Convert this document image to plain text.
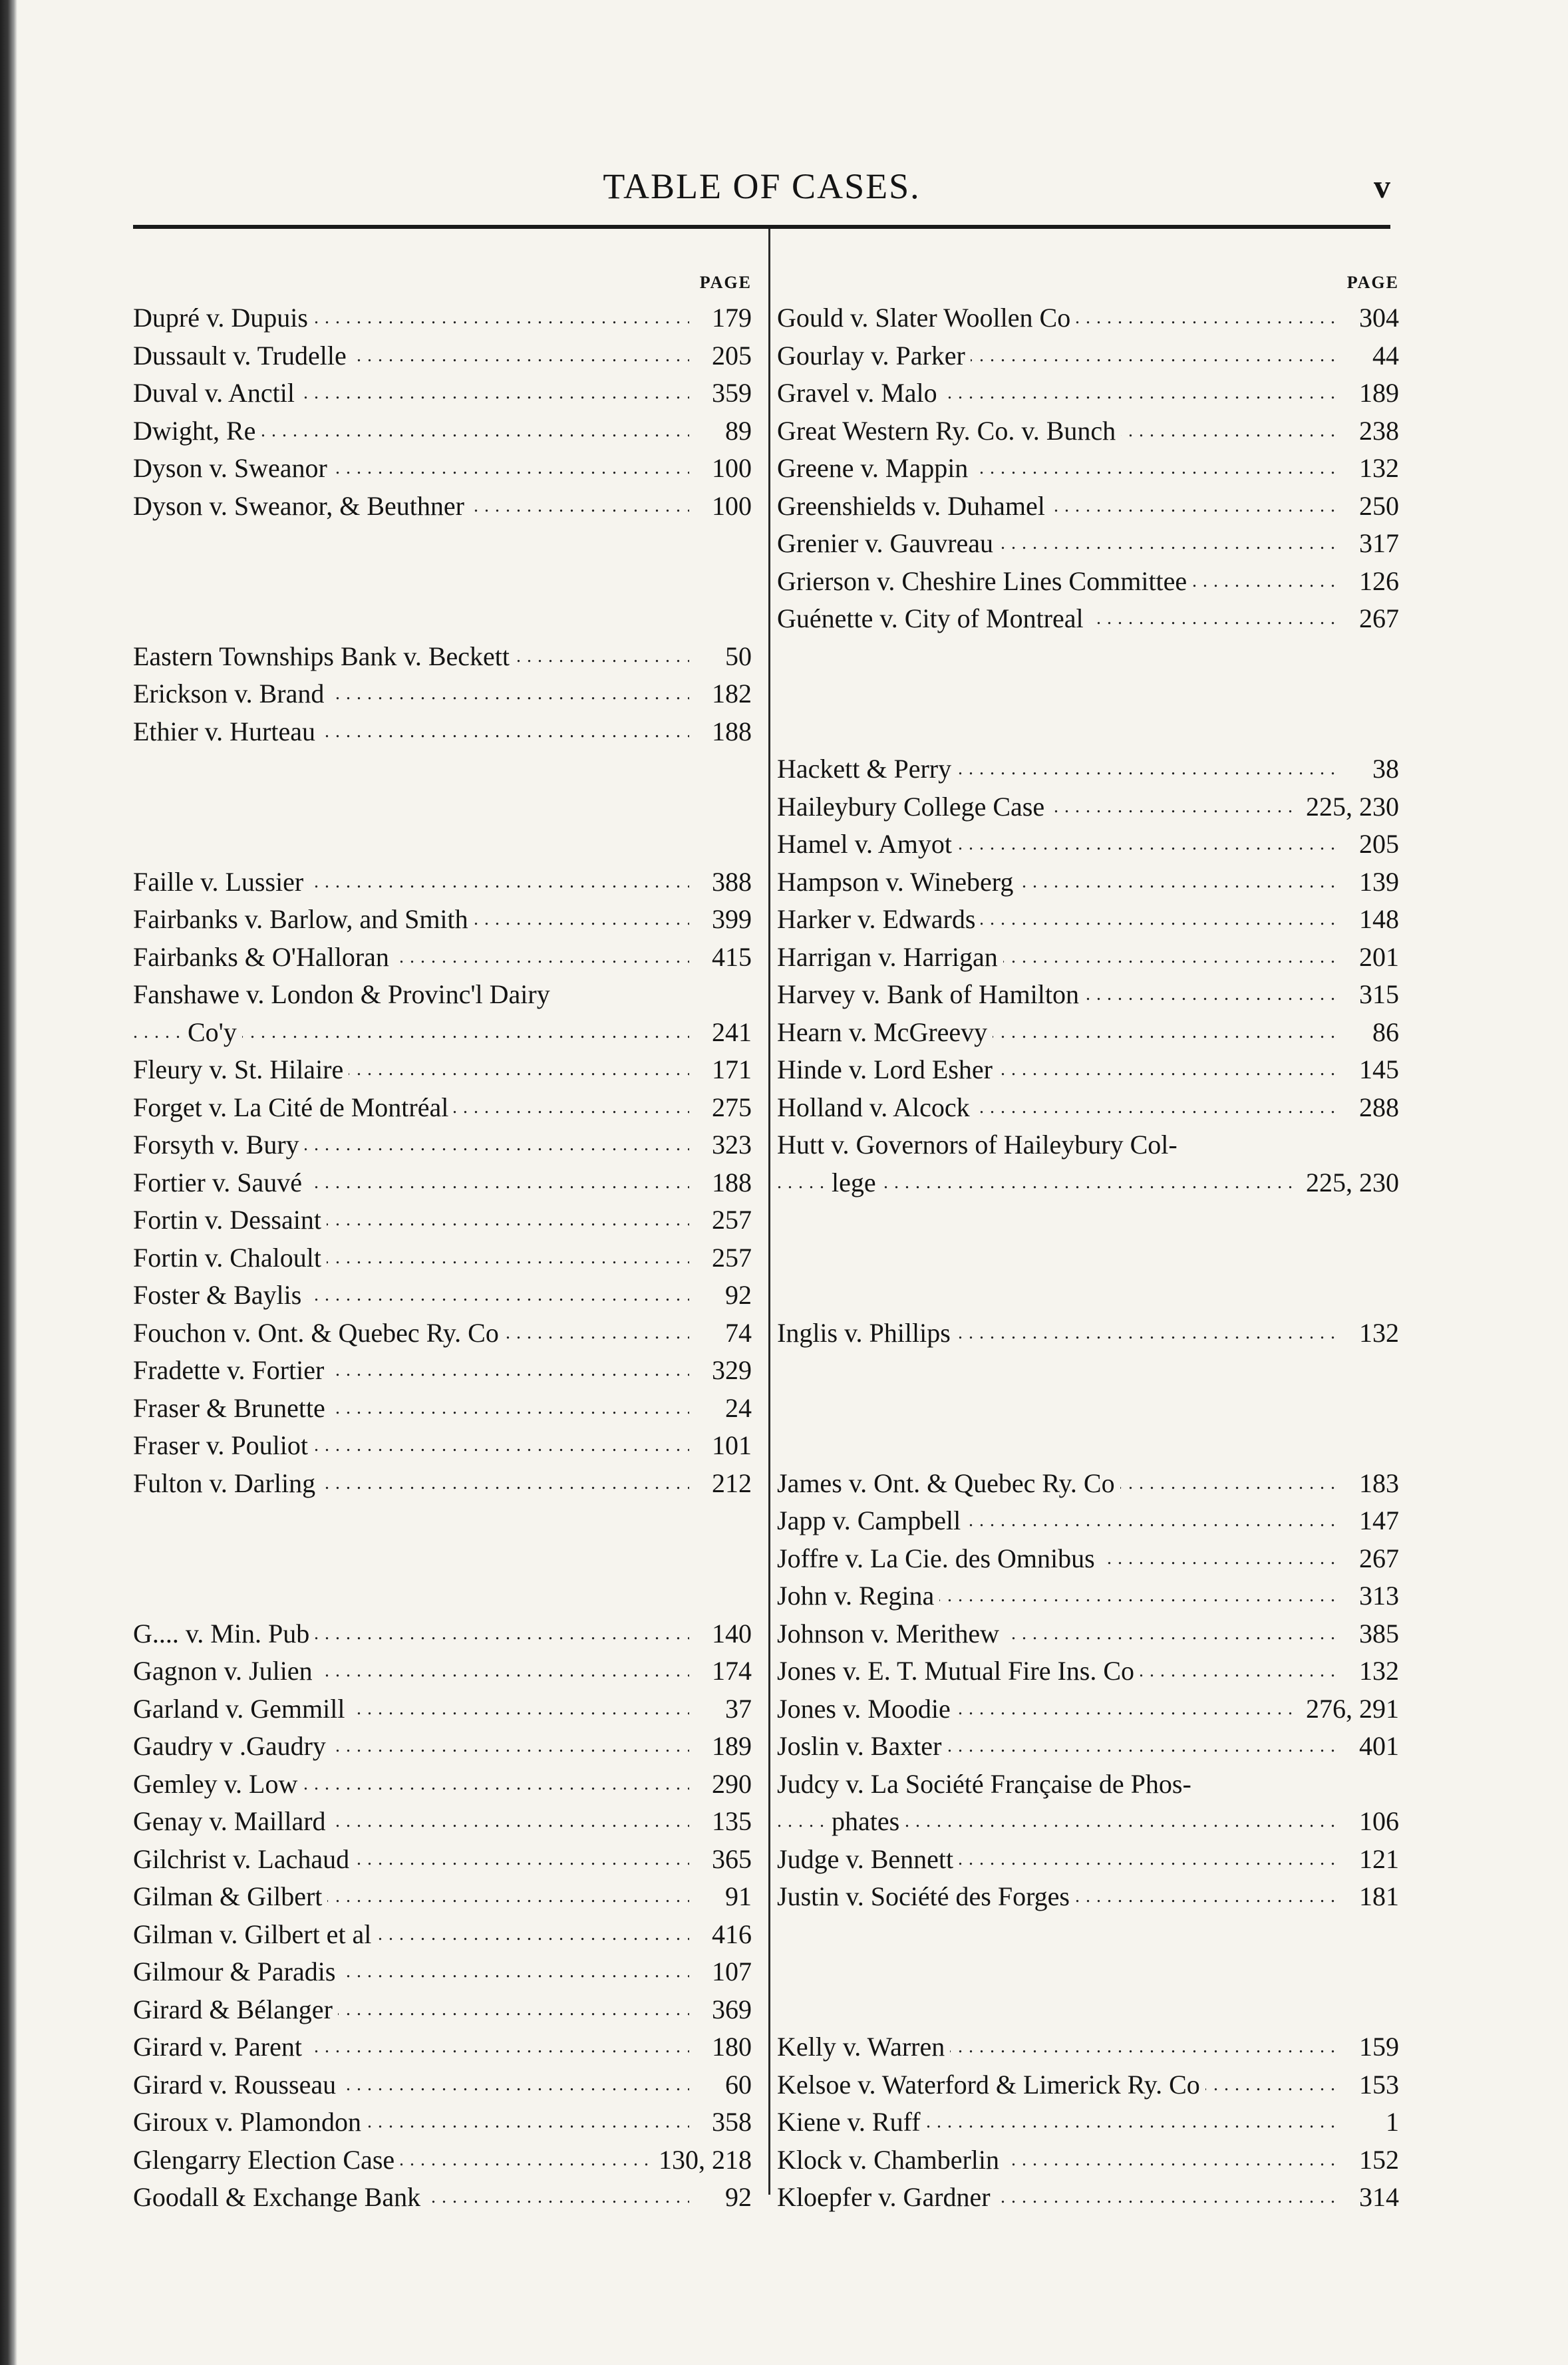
TABLE OF CASES.	v
PAGE
Dupré v. Dupuis . . .	179
Dussault v. Trudelle . . .	205
Duval v. Anctil . . .	359
Dwight, Re . . .	89
Dyson v. Sweanor . . .	100
Dyson v. Sweanor, & Beuthner . . .	100
Eastern Townships Bank v. Beckett . . .	50
Erickson v. Brand . . .	182
Ethier v. Hurteau . . .	188
Faille v. Lussier . . .	388
Fairbanks v. Barlow, and Smith . . .	399
Fairbanks & O'Halloran . . .	415
Fanshawe v. London & Provinc'l Dairy
Co'y . . .	241
Fleury v. St. Hilaire . . .	171
Forget v. La Cité de Montréal . . .	275
Forsyth v. Bury . . .	323
Fortier v. Sauvé . . .	188
Fortin v. Dessaint . . .	257
Fortin v. Chaloult . . .	257
Foster & Baylis . . .	92
Fouchon v. Ont. & Quebec Ry. Co . . .	74
Fradette v. Fortier . . .	329
Fraser & Brunette . . .	24
Fraser v. Pouliot . . .	101
Fulton v. Darling . . .	212
G.... v. Min. Pub . . .	140
Gagnon v. Julien . . .	174
Garland v. Gemmill . . .	37
Gaudry v .Gaudry . . .	189
Gemley v. Low . . .	290
Genay v. Maillard . . .	135
Gilchrist v. Lachaud . . .	365
Gilman & Gilbert . . .	91
Gilman v. Gilbert et al . . .	416
Gilmour & Paradis . . .	107
Girard & Bélanger . . .	369
Girard v. Parent . . .	180
Girard v. Rousseau . . .	60
Giroux v. Plamondon . . .	358
Glengarry Election Case . . .	130, 218
Goodall & Exchange Bank . . .	92
PAGE
Gould v. Slater Woollen Co . . .	304
Gourlay v. Parker . . .	44
Gravel v. Malo . . .	189
Great Western Ry. Co. v. Bunch . . .	238
Greene v. Mappin . . .	132
Greenshields v. Duhamel . . .	250
Grenier v. Gauvreau . . .	317
Grierson v. Cheshire Lines Committee . . .	126
Guénette v. City of Montreal . . .	267
Hackett & Perry . . .	38
Haileybury College Case . . .	225, 230
Hamel v. Amyot . . .	205
Hampson v. Wineberg . . .	139
Harker v. Edwards . . .	148
Harrigan v. Harrigan . . .	201
Harvey v. Bank of Hamilton . . .	315
Hearn v. McGreevy . . .	86
Hinde v. Lord Esher . . .	145
Holland v. Alcock . . .	288
Hutt v. Governors of Haileybury Col-
lege . . .	225, 230
Inglis v. Phillips . . .	132
James v. Ont. & Quebec Ry. Co . . .	183
Japp v. Campbell . . .	147
Joffre v. La Cie. des Omnibus . . .	267
John v. Regina . . .	313
Johnson v. Merithew . . .	385
Jones v. E. T. Mutual Fire Ins. Co . . .	132
Jones v. Moodie . . .	276, 291
Joslin v. Baxter . . .	401
Judcy v. La Société Française de Phos-
phates . . .	106
Judge v. Bennett . . .	121
Justin v. Société des Forges . . .	181
Kelly v. Warren . . .	159
Kelsoe v. Waterford & Limerick Ry. Co . . .	153
Kiene v. Ruff . . .	1
Klock v. Chamberlin . . .	152
Kloepfer v. Gardner . . .	314
